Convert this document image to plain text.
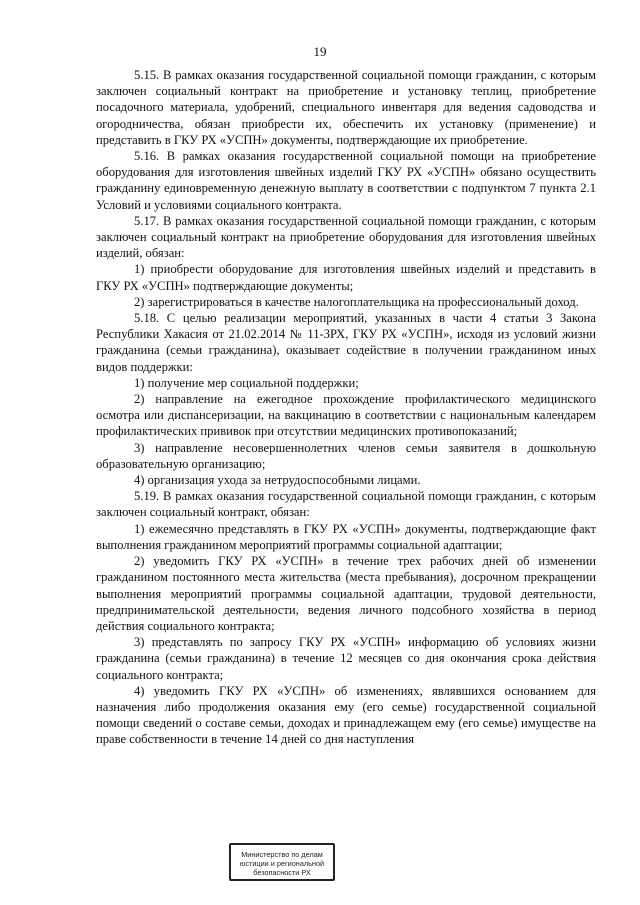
19

5.15. В рамках оказания государственной социальной помощи гражданин, с которым заключен социальный контракт на приобретение и установку теплиц, приобретение посадочного материала, удобрений, специального инвентаря для ведения садоводства и огородничества, обязан приобрести их, обеспечить их установку (применение) и представить в ГКУ РХ «УСПН» документы, подтверждающие их приобретение.

5.16. В рамках оказания государственной социальной помощи на приобретение оборудования для изготовления швейных изделий ГКУ РХ «УСПН» обязано осуществить гражданину единовременную денежную выплату в соответствии с подпунктом 7 пункта 2.1 Условий и условиями социального контракта.

5.17. В рамках оказания государственной социальной помощи гражданин, с которым заключен социальный контракт на приобретение оборудования для изготовления швейных изделий, обязан:

1) приобрести оборудование для изготовления швейных изделий и представить в ГКУ РХ «УСПН» подтверждающие документы;

2) зарегистрироваться в качестве налогоплательщика на профессиональный доход.

5.18. С целью реализации мероприятий, указанных в части 4 статьи 3 Закона Республики Хакасия от 21.02.2014 № 11-ЗРХ, ГКУ РХ «УСПН», исходя из условий жизни гражданина (семьи гражданина), оказывает содействие в получении гражданином иных видов поддержки:

1) получение мер социальной поддержки;

2) направление на ежегодное прохождение профилактического медицинского осмотра или диспансеризации, на вакцинацию в соответствии с национальным календарем профилактических прививок при отсутствии медицинских противопоказаний;

3) направление несовершеннолетних членов семьи заявителя в дошкольную образовательную организацию;

4) организация ухода за нетрудоспособными лицами.

5.19. В рамках оказания государственной социальной помощи гражданин, с которым заключен социальный контракт, обязан:

1) ежемесячно представлять в ГКУ РХ «УСПН» документы, подтверждающие факт выполнения гражданином мероприятий программы социальной адаптации;

2) уведомить ГКУ РХ «УСПН» в течение трех рабочих дней об изменении гражданином постоянного места жительства (места пребывания), досрочном прекращении выполнения мероприятий программы социальной адаптации, трудовой деятельности, предпринимательской деятельности, ведения личного подсобного хозяйства в период действия социального контракта;

3) представлять по запросу ГКУ РХ «УСПН» информацию об условиях жизни гражданина (семьи гражданина) в течение 12 месяцев со дня окончания срока действия социального контракта;

4) уведомить ГКУ РХ «УСПН» об изменениях, являвшихся основанием для назначения либо продолжения оказания ему (его семье) государственной социальной помощи сведений о составе семьи, доходах и принадлежащем ему (его семье) имуществе на праве собственности в течение 14 дней со дня наступления

Министерство по делам
юстиции и региональной
безопасности РХ
